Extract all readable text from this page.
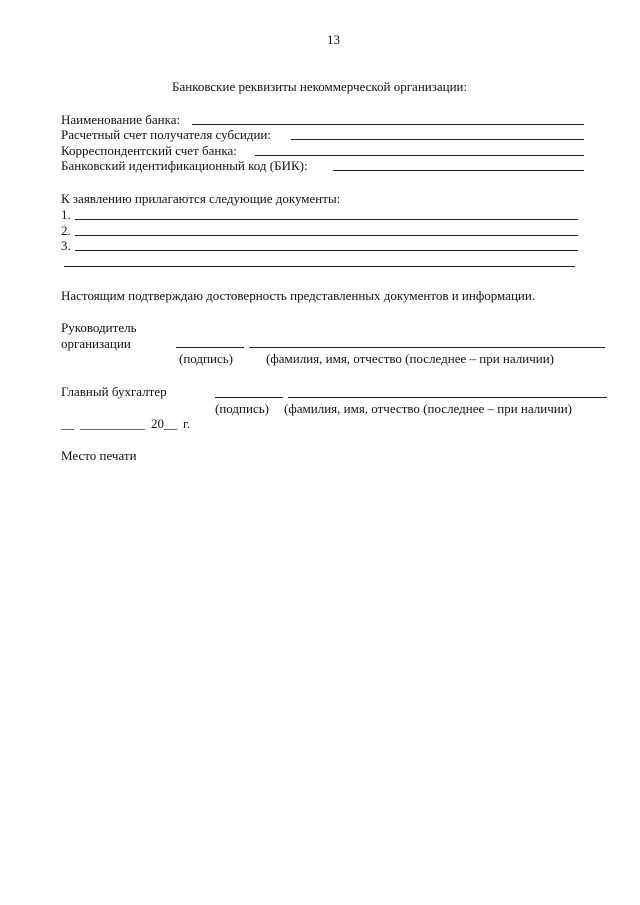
13
Банковские реквизиты некоммерческой организации:
Наименование банка:
Расчетный счет получателя субсидии:
Корреспондентский счет банка:
Банковский идентификационный код (БИК):
К заявлению прилагаются следующие документы:
1.
2.
3.
Настоящим подтверждаю достоверность представленных документов и информации.
Руководитель
организации
(подпись)	(фамилия, имя, отчество (последнее – при наличии)
Главный бухгалтер
(подпись) (фамилия, имя, отчество (последнее – при наличии)
__ __________ 20__ г.
Место печати
